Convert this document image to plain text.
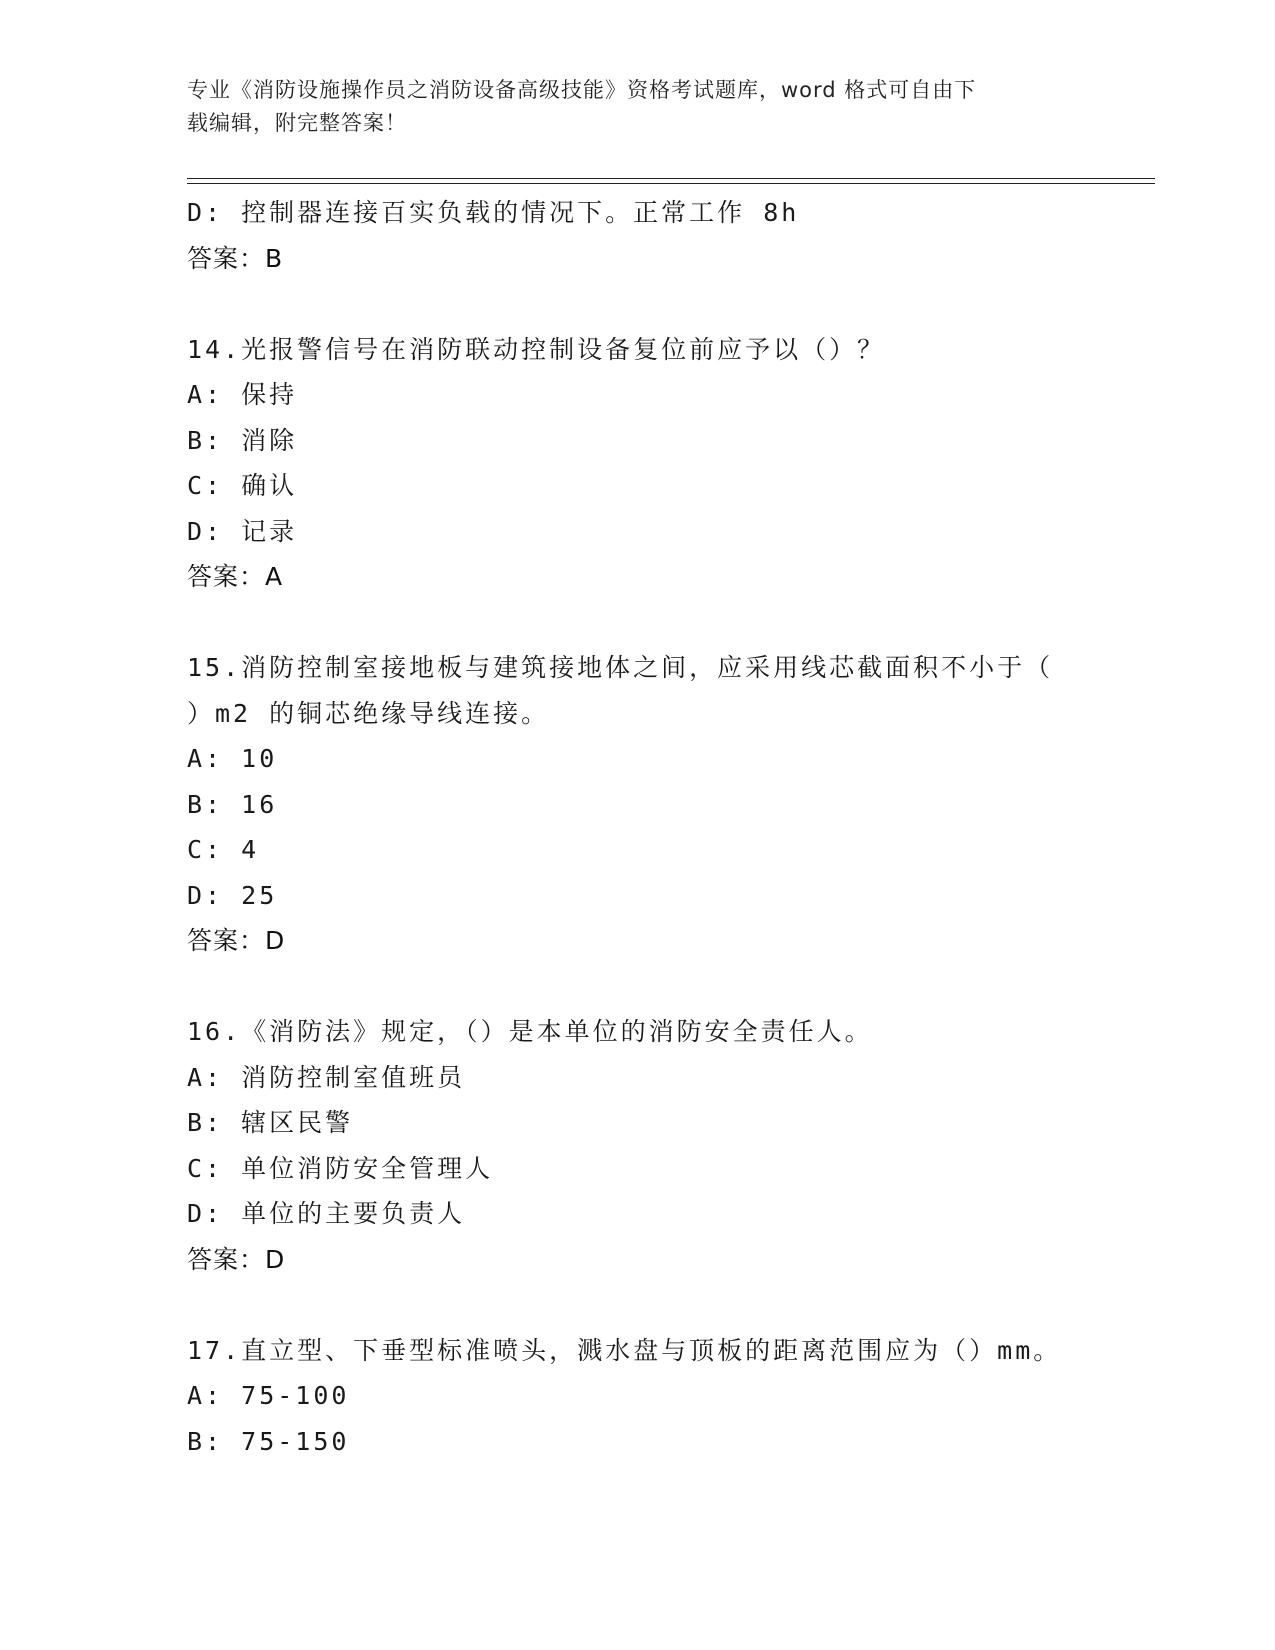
专业《消防设施操作员之消防设备高级技能》资格考试题库，word 格式可自由下
载编辑，附完整答案！
D: 控制器连接百实负载的情况下。正常工作 8h
答案：B
14.光报警信号在消防联动控制设备复位前应予以（）？
A: 保持
B: 消除
C: 确认
D: 记录
答案：A
15.消防控制室接地板与建筑接地体之间，应采用线芯截面积不小于（
）m2 的铜芯绝缘导线连接。
A: 10
B: 16
C: 4
D: 25
答案：D
16.《消防法》规定，（）是本单位的消防安全责任人。
A: 消防控制室值班员
B: 辖区民警
C: 单位消防安全管理人
D: 单位的主要负责人
答案：D
17.直立型、下垂型标准喷头，溅水盘与顶板的距离范围应为（）mm。
A: 75-100
B: 75-150
